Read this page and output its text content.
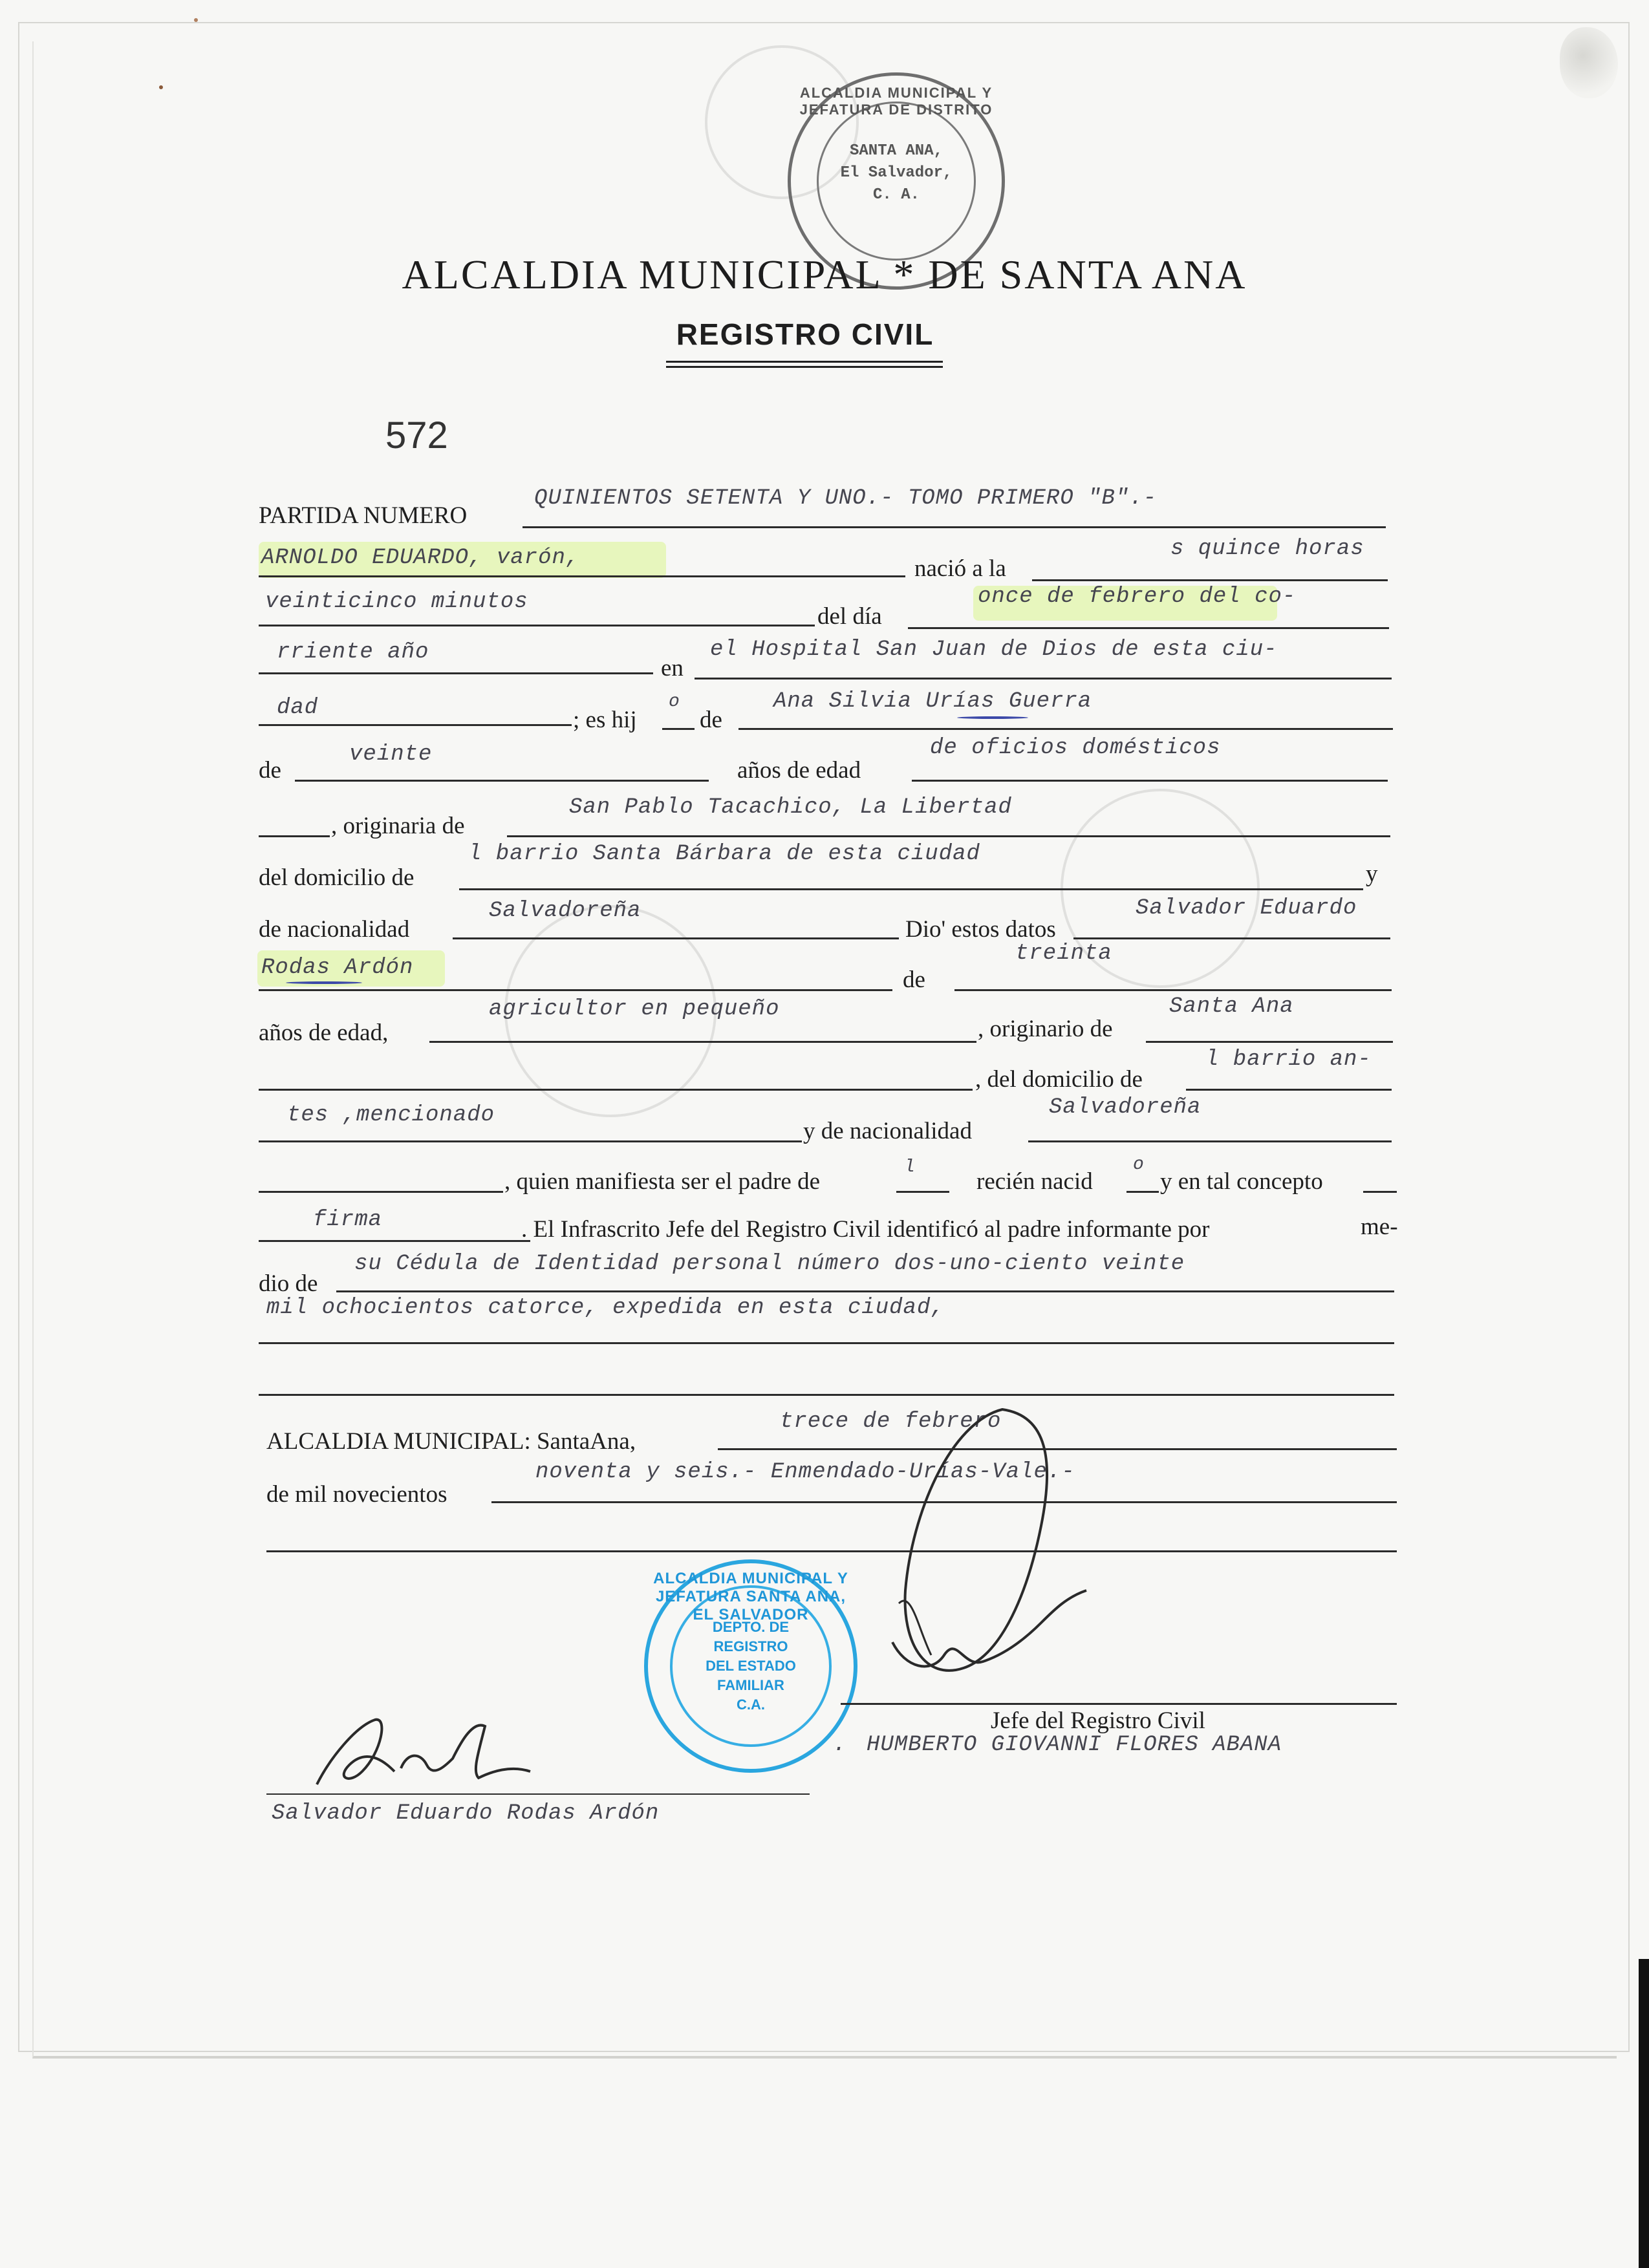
ALCALDIA MUNICIPAL Y JEFATURA DE DISTRITO
SANTA ANA,
El Salvador,
C. A.
ALCALDIA MUNICIPAL * DE SANTA ANA
REGISTRO CIVIL
572
PARTIDA NUMERO
QUINIENTOS SETENTA Y UNO.- TOMO PRIMERO "B".-
ARNOLDO EDUARDO, varón,	nació a la
s quince horas
veinticinco minutos
del día
once de febrero del co-
rriente año
en
el Hospital San Juan de Dios de esta ciu-
dad	; es hij
o
de
Ana Silvia Urías Guerra
de
veinte
años de edad
de oficios domésticos
, originaria de
San Pablo Tacachico, La Libertad
del domicilio de
l barrio Santa Bárbara de esta ciudad
y
de nacionalidad
Salvadoreña
Dio' estos datos
Salvador Eduardo
Rodas Ardón	de
treinta
años de edad,
agricultor en pequeño
, originario de
Santa Ana
, del domicilio de
l barrio an-
tes ,mencionado
y de nacionalidad
Salvadoreña
, quien manifiesta ser el padre de
l
recién nacid
o
y en tal concepto
firma	. El Infrascrito Jefe del Registro Civil identificó al padre informante por	me-
dio de
su Cédula de Identidad personal número dos-uno-ciento veinte
mil ochocientos catorce, expedida en esta ciudad,
ALCALDIA MUNICIPAL: SantaAna,
trece de febrero
de mil novecientos
noventa y seis.- Enmendado-Urías-Vale.-
ALCALDIA MUNICIPAL Y JEFATURA SANTA ANA, EL SALVADOR
DEPTO. DE
REGISTRO
DEL ESTADO
FAMILIAR
C.A.
Jefe del Registro Civil
. HUMBERTO GIOVANNI FLORES ABANA
Salvador Eduardo Rodas Ardón
